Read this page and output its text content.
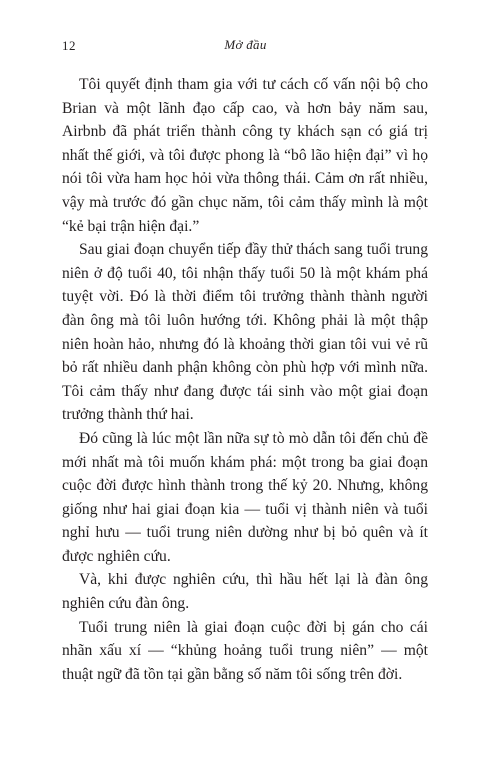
12	Mở đầu

Tôi quyết định tham gia với tư cách cố vấn nội bộ cho Brian và một lãnh đạo cấp cao, và hơn bảy năm sau, Airbnb đã phát triển thành công ty khách sạn có giá trị nhất thế giới, và tôi được phong là “bô lão hiện đại” vì họ nói tôi vừa ham học hỏi vừa thông thái. Cảm ơn rất nhiều, vậy mà trước đó gần chục năm, tôi cảm thấy mình là một “kẻ bại trận hiện đại.”

Sau giai đoạn chuyển tiếp đầy thử thách sang tuổi trung niên ở độ tuổi 40, tôi nhận thấy tuổi 50 là một khám phá tuyệt vời. Đó là thời điểm tôi trưởng thành thành người đàn ông mà tôi luôn hướng tới. Không phải là một thập niên hoàn hảo, nhưng đó là khoảng thời gian tôi vui vẻ rũ bỏ rất nhiều danh phận không còn phù hợp với mình nữa. Tôi cảm thấy như đang được tái sinh vào một giai đoạn trưởng thành thứ hai.

Đó cũng là lúc một lần nữa sự tò mò dẫn tôi đến chủ đề mới nhất mà tôi muốn khám phá: một trong ba giai đoạn cuộc đời được hình thành trong thế kỷ 20. Nhưng, không giống như hai giai đoạn kia — tuổi vị thành niên và tuổi nghỉ hưu — tuổi trung niên dường như bị bỏ quên và ít được nghiên cứu.

Và, khi được nghiên cứu, thì hầu hết lại là đàn ông nghiên cứu đàn ông.

Tuổi trung niên là giai đoạn cuộc đời bị gán cho cái nhãn xấu xí — “khủng hoảng tuổi trung niên” — một thuật ngữ đã tồn tại gần bằng số năm tôi sống trên đời.
